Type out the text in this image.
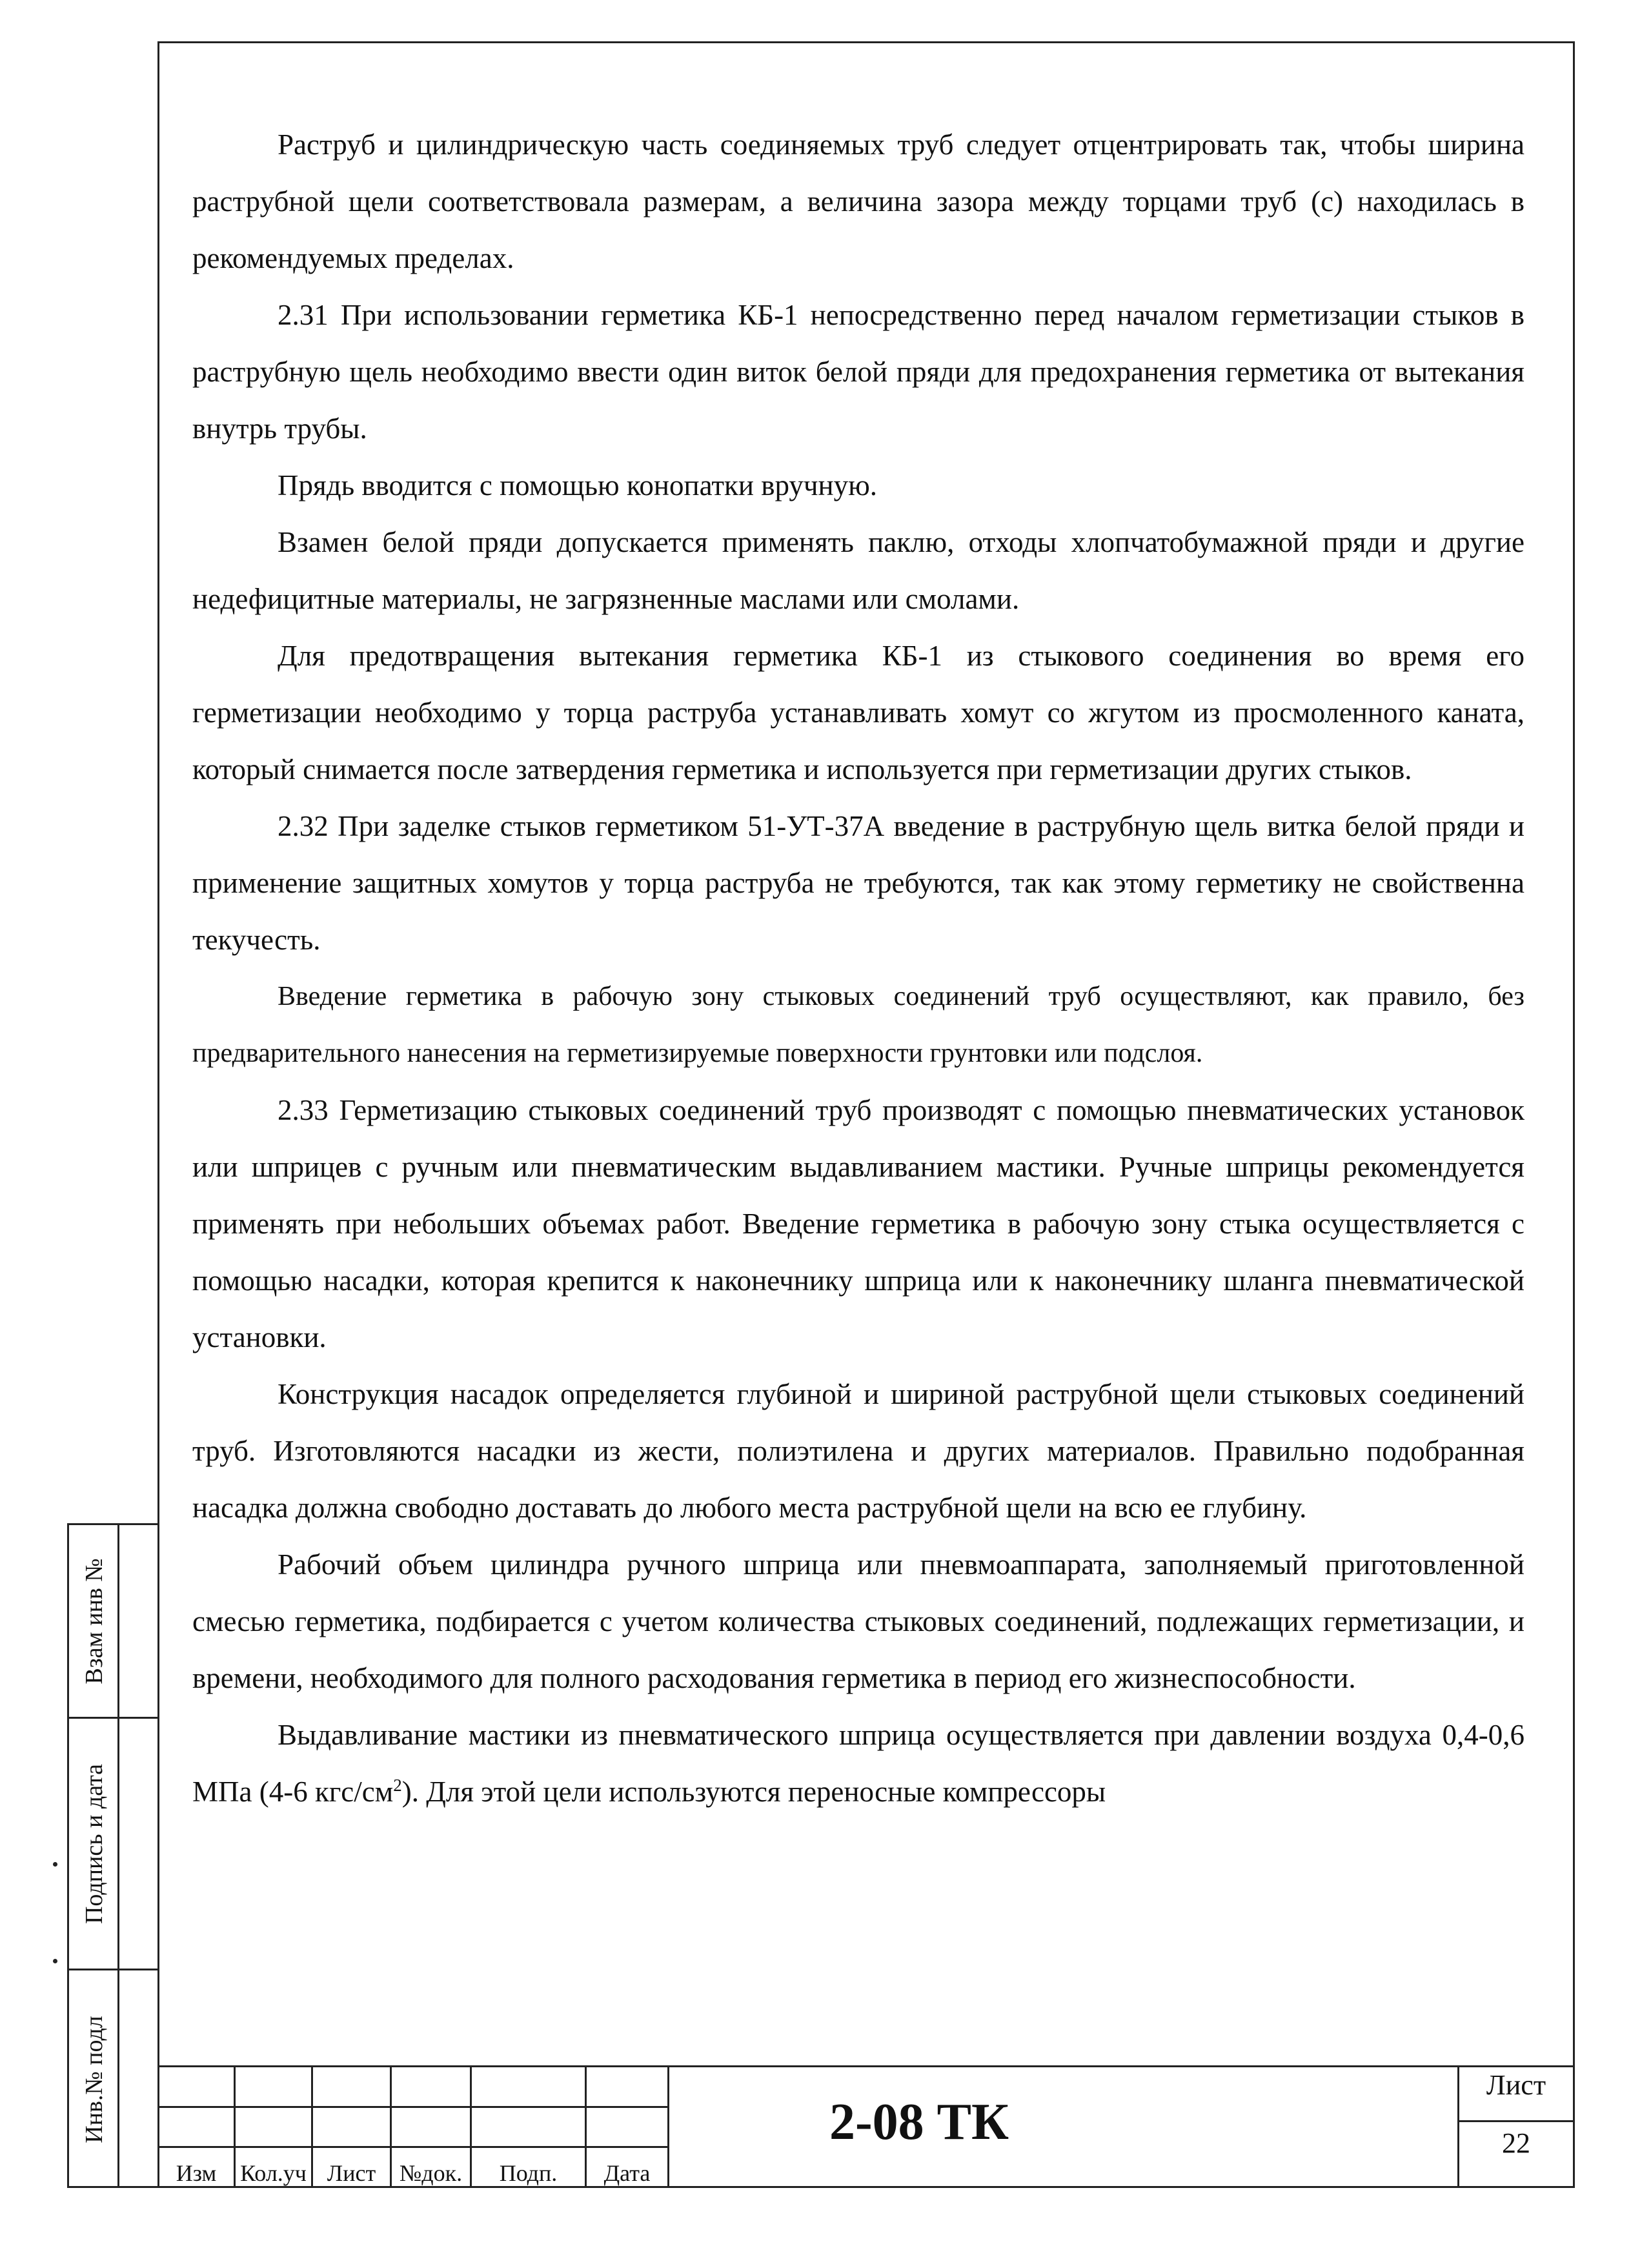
Раструб и цилиндрическую часть соединяемых труб следует отцентрировать так, чтобы ширина раструбной щели соответствовала размерам, а величина зазора между торцами труб (с) находилась в рекомендуемых пределах.

2.31 При использовании герметика КБ-1 непосредственно перед началом герметизации стыков в раструбную щель необходимо ввести один виток белой пряди для предохранения герметика от вытекания внутрь трубы.

Прядь вводится с помощью конопатки вручную.

Взамен белой пряди допускается применять паклю, отходы хлопчатобумажной пряди и другие недефицитные материалы, не загрязненные маслами или смолами.

Для предотвращения вытекания герметика КБ-1 из стыкового соединения во время его герметизации необходимо у торца раструба устанавливать хомут со жгутом из просмоленного каната, который снимается после затвердения герметика и используется при герметизации других стыков.

2.32 При заделке стыков герметиком 51-УТ-37А введение в раструбную щель витка белой пряди и применение защитных хомутов у торца раструба не требуются, так как этому герметику не свойственна текучесть.

Введение герметика в рабочую зону стыковых соединений труб осуществляют, как правило, без предварительного нанесения на герметизируемые поверхности грунтовки или подслоя.

2.33 Герметизацию стыковых соединений труб производят с помощью пневматических установок или шприцев с ручным или пневматическим выдавливанием мастики. Ручные шприцы рекомендуется применять при небольших объемах работ. Введение герметика в рабочую зону стыка осуществляется с помощью насадки, которая крепится к наконечнику шприца или к наконечнику шланга пневматической установки.

Конструкция насадок определяется глубиной и шириной раструбной щели стыковых соединений труб. Изготовляются насадки из жести, полиэтилена и других материалов. Правильно подобранная насадка должна свободно доставать до любого места раструбной щели на всю ее глубину.

Рабочий объем цилиндра ручного шприца или пневмоаппарата, заполняемый приготовленной смесью герметика, подбирается с учетом количества стыковых соединений, подлежащих герметизации, и времени, необходимого для полного расходования герметика в период его жизнеспособности.

Выдавливание мастики из пневматического шприца осуществляется при давлении воздуха 0,4-0,6 МПа (4-6 кгс/$см^2$). Для этой цели используются переносные компрессоры

Взам инв №
Подпись и дата
Инв.№ подл
Изм	Кол.уч Лист	№док.	Подп.	Дата
2-08 ТК
Лист
22
